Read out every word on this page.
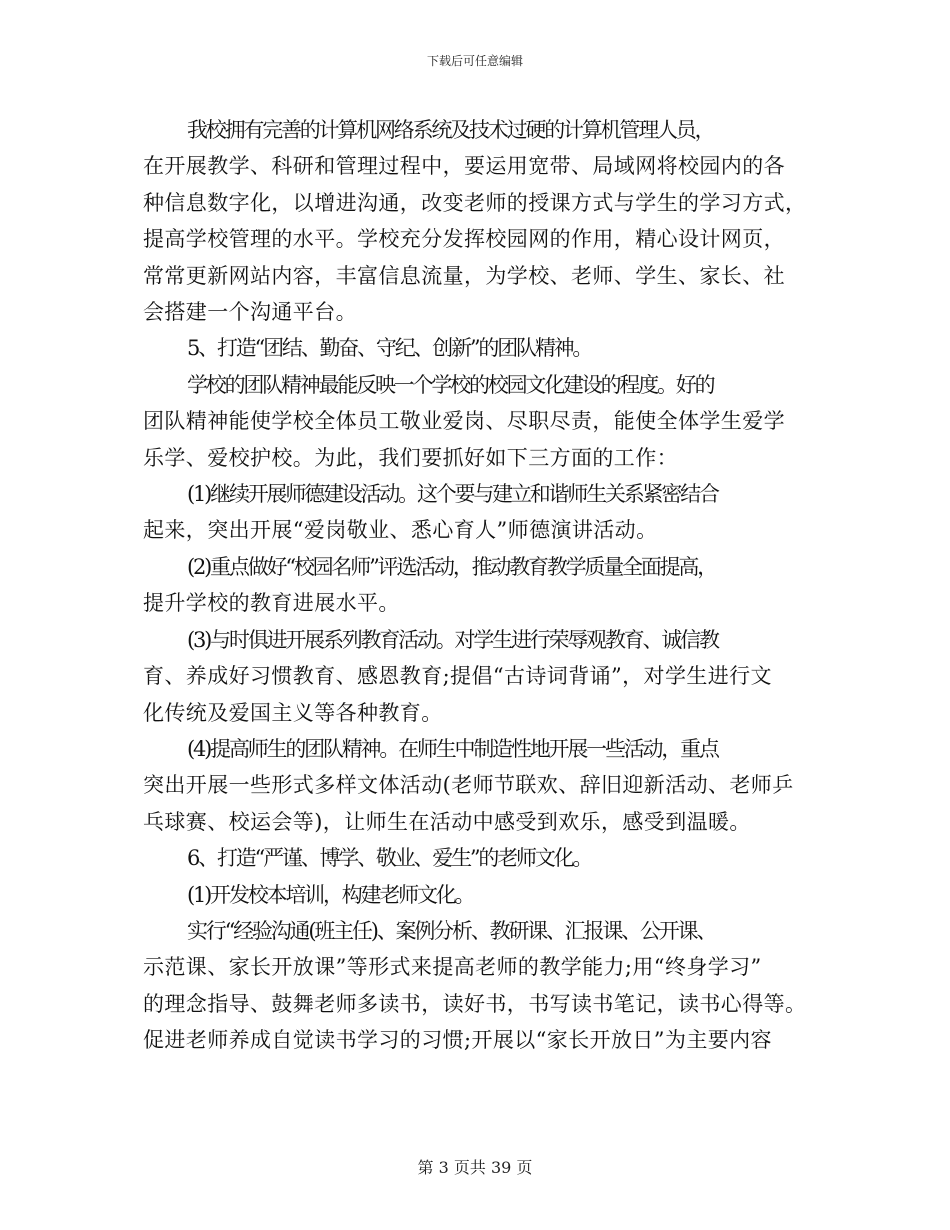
下载后可任意编辑
我校拥有完善的计算机网络系统及技术过硬的计算机管理人员，
在开展教学、科研和管理过程中，要运用宽带、局域网将校园内的各
种信息数字化，以增进沟通，改变老师的授课方式与学生的学习方式，
提高学校管理的水平。学校充分发挥校园网的作用，精心设计网页，
常常更新网站内容，丰富信息流量，为学校、老师、学生、家长、社
会搭建一个沟通平台。
5、打造“团结、勤奋、守纪、创新”的团队精神。
学校的团队精神最能反映一个学校的校园文化建设的程度。好的
团队精神能使学校全体员工敬业爱岗、尽职尽责，能使全体学生爱学
乐学、爱校护校。为此，我们要抓好如下三方面的工作：
(1)继续开展师德建设活动。这个要与建立和谐师生关系紧密结合
起来，突出开展“爱岗敬业、悉心育人”师德演讲活动。
(2)重点做好“校园名师”评选活动，推动教育教学质量全面提高，
提升学校的教育进展水平。
(3)与时俱进开展系列教育活动。对学生进行荣辱观教育、诚信教
育、养成好习惯教育、感恩教育;提倡“古诗词背诵”，对学生进行文
化传统及爱国主义等各种教育。
(4)提高师生的团队精神。在师生中制造性地开展一些活动，重点
突出开展一些形式多样文体活动(老师节联欢、辞旧迎新活动、老师乒
乓球赛、校运会等)，让师生在活动中感受到欢乐，感受到温暖。
6、打造“严谨、博学、敬业、爱生”的老师文化。
(1)开发校本培训，构建老师文化。
实行“经验沟通(班主任)、案例分析、教研课、汇报课、公开课、
示范课、家长开放课”等形式来提高老师的教学能力;用“终身学习”
的理念指导、鼓舞老师多读书，读好书，书写读书笔记，读书心得等。
促进老师养成自觉读书学习的习惯;开展以“家长开放日”为主要内容
第 3 页共 39 页
